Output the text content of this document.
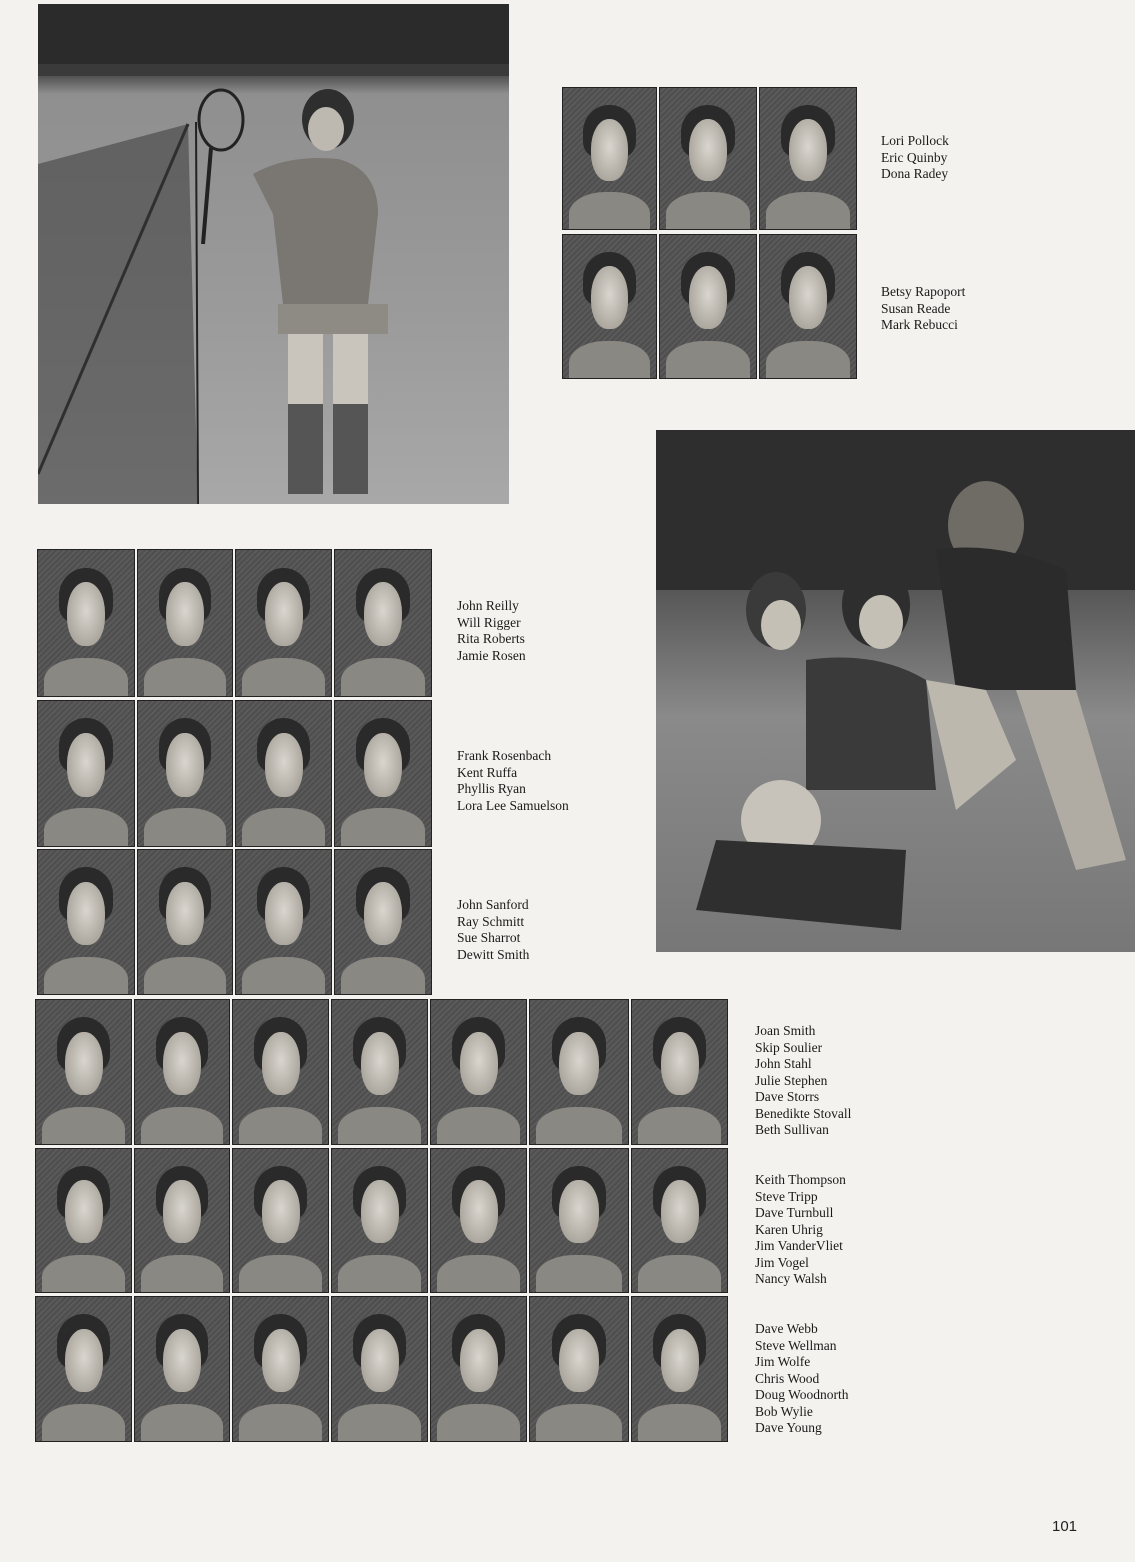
Lori Pollock
Eric Quinby
Dona Radey
Betsy Rapoport
Susan Reade
Mark Rebucci
John Reilly
Will Rigger
Rita Roberts
Jamie Rosen
Frank Rosenbach
Kent Ruffa
Phyllis Ryan
Lora Lee Samuelson
John Sanford
Ray Schmitt
Sue Sharrot
Dewitt Smith
Joan Smith
Skip Soulier
John Stahl
Julie Stephen
Dave Storrs
Benedikte Stovall
Beth Sullivan
Keith Thompson
Steve Tripp
Dave Turnbull
Karen Uhrig
Jim VanderVliet
Jim Vogel
Nancy Walsh
Dave Webb
Steve Wellman
Jim Wolfe
Chris Wood
Doug Woodnorth
Bob Wylie
Dave Young
101
